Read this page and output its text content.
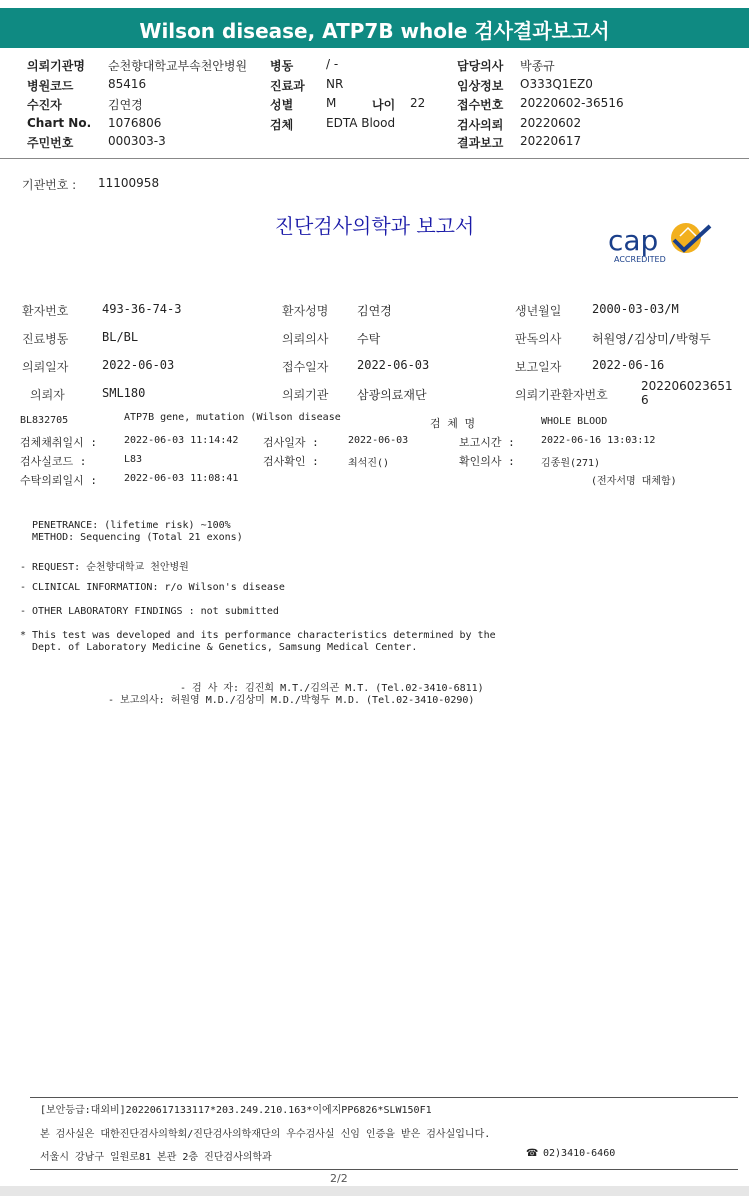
Wilson disease, ATP7B whole 검사결과보고서
의뢰기관명 순천향대학교부속천안병원
병원코드	85416
수진자	김연경
Chart No. 1076806
주민번호	000303-3
병동	/ -
진료과 NR
성별	M	나이 22
검체	EDTA Blood
담당의사 박종규
임상정보 O333Q1EZ0
접수번호 20220602-36516
검사의뢰 20220602
결과보고 20220617
기관번호 : 11100958
진단검사의학과 보고서	cap
ACCREDITED
환자번호	493-36-74-3	환자성명 김연경	생년월일	2000-03-03/M
진료병동	BL/BL	의뢰의사 수탁	판독의사	허원영/김상미/박형두
의뢰일자	2022-06-03	접수일자 2022-06-03	보고일자	2022-06-16
의뢰자	SML180	의뢰기관 삼광의료재단	의뢰기관환자번호
202206023651
6
BL832705	ATP7B gene, mutation (Wilson disease	검 체 명	WHOLE BLOOD
검체채취일시 :	2022-06-03 11:14:42 검사일자 :	2022-06-03	보고시간 :	2022-06-16 13:03:12
검사실코드 :	L83	검사확인 :	최석진()	확인의사 :	김종원(271)
수탁의뢰일시 :	2022-06-03 11:08:41	(전자서명 대체함)
PENETRANCE: (lifetime risk) ~100%
METHOD: Sequencing (Total 21 exons)
- REQUEST: 순천향대학교 천안병원
- CLINICAL INFORMATION: r/o Wilson's disease
- OTHER LABORATORY FINDINGS : not submitted
* This test was developed and its performance characteristics determined by the
Dept. of Laboratory Medicine & Genetics, Samsung Medical Center.
- 검 사 자: 김진희 M.T./김의곤 M.T. (Tel.02-3410-6811)
- 보고의사: 허원영 M.D./김상미 M.D./박형두 M.D. (Tel.02-3410-0290)
[보안등급:대외비]20220617133117*203.249.210.163*이에지PP6826*SLW150F1
본 검사실은 대한진단검사의학회/진단검사의학재단의 우수검사실 신임 인증을 받은 검사실입니다.
서울시 강남구 일원로81 본관 2층 진단검사의학과	☎ 02)3410-6460
2/2
